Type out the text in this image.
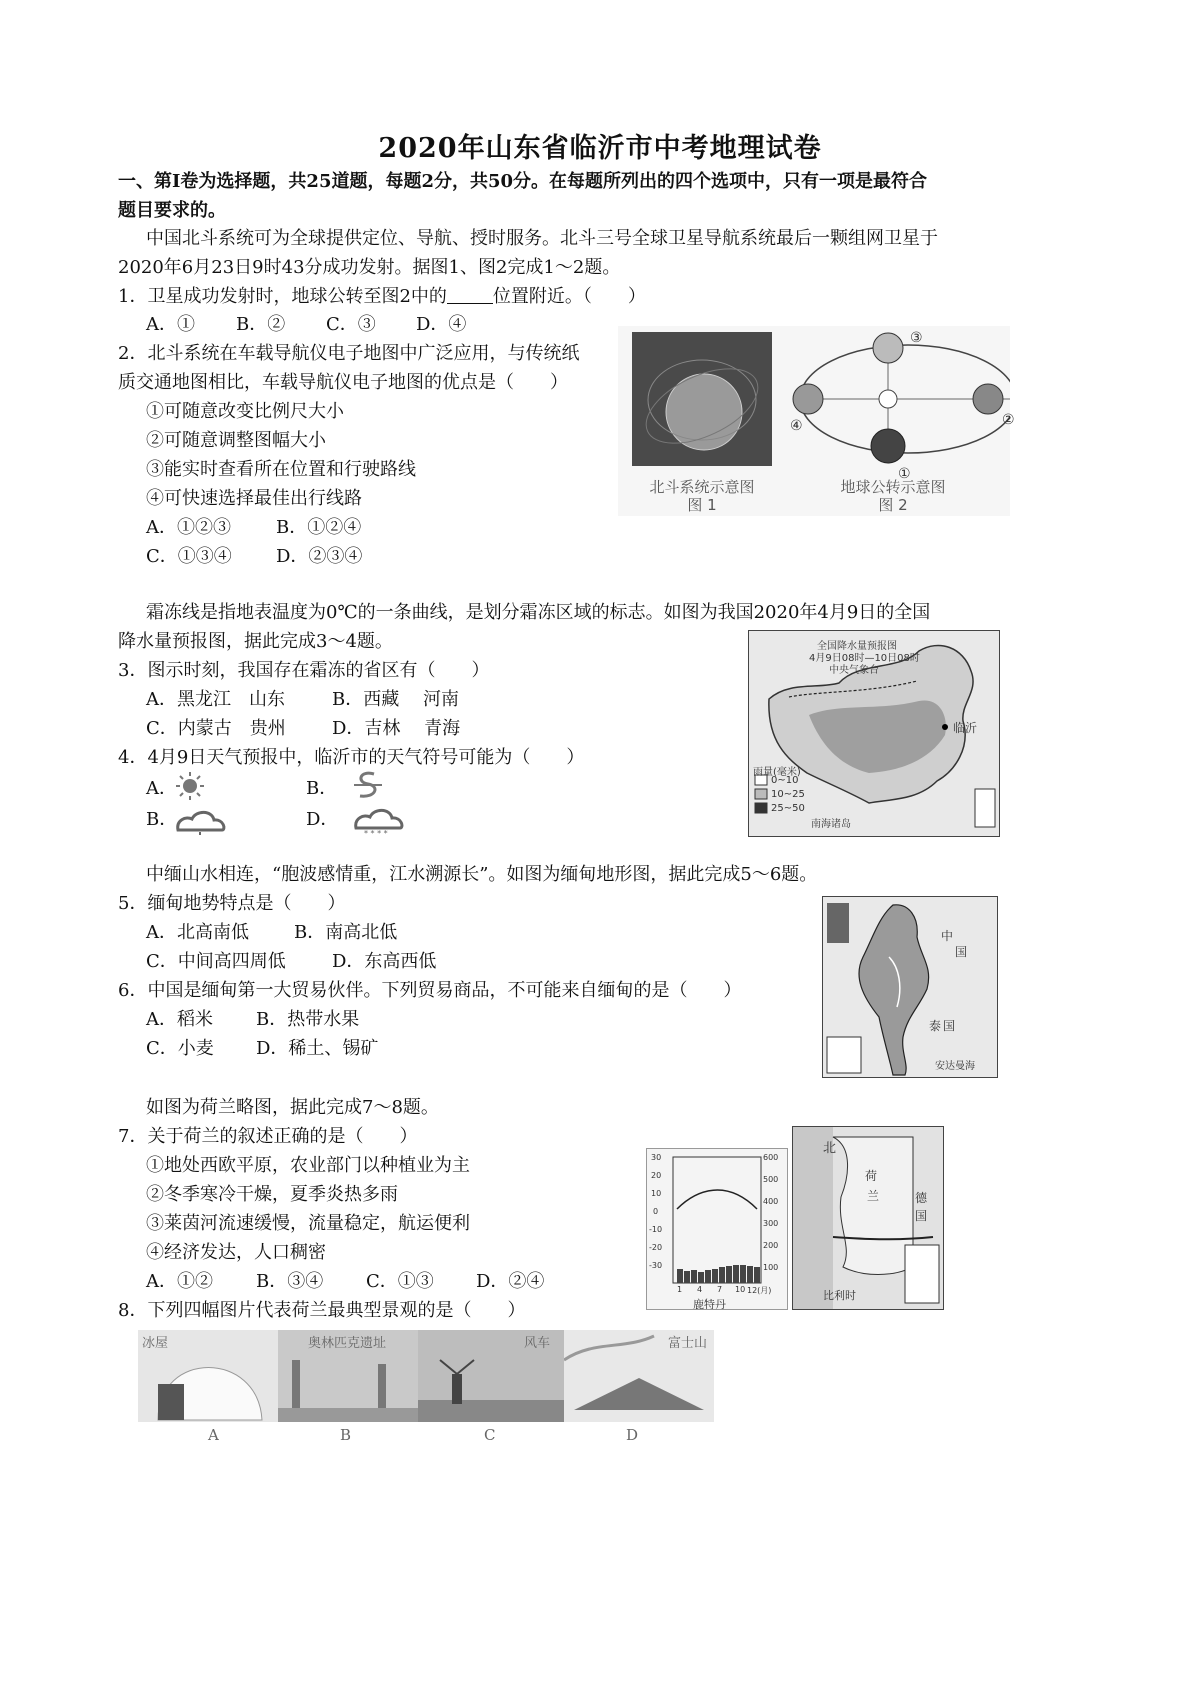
2020年山东省临沂市中考地理试卷
一、第Ⅰ卷为选择题，共25道题，每题2分，共50分。在每题所列出的四个选项中，只有一项是最符合
题目要求的。
中国北斗系统可为全球提供定位、导航、授时服务。北斗三号全球卫星导航系统最后一颗组网卫星于
2020年6月23日9时43分成功发射。据图1、图2完成1～2题。
1．卫星成功发射时，地球公转至图2中的	位置附近。（　　）
A．① B．② C．③ D．④
2．北斗系统在车载导航仪电子地图中广泛应用，与传统纸
质交通地图相比，车载导航仪电子地图的优点是（　　）
①可随意改变比例尺大小
②可随意调整图幅大小
③能实时查看所在位置和行驶路线
④可快速选择最佳出行线路
A．①②③	B．①②④
C．①③④ D．②③④
③
②
④
①
北斗系统示意图
图 1
地球公转示意图
图 2
霜冻线是指地表温度为0℃的一条曲线，是划分霜冻区域的标志。如图为我国2020年4月9日的全国
降水量预报图，据此完成3～4题。
3．图示时刻，我国存在霜冻的省区有（　　）
A．黑龙江　山东	B．西藏　 河南
C．内蒙古　贵州	D．吉林　 青海
4．4月9日天气预报中，临沂市的天气符号可能为（　　）
A．	B．
B．	D．
* * * *
全国降水量预报图
4月9日08时—10日08时
中央气象台
临沂
雨量(毫米)
0~10
10~25
25~50
南海诸岛
中缅山水相连，“胞波感情重，江水溯源长”。如图为缅甸地形图，据此完成5～6题。
5．缅甸地势特点是（　　）
A．北高南低	B．南高北低
C．中间高四周低	D．东高西低
6．中国是缅甸第一大贸易伙伴。下列贸易商品，不可能来自缅甸的是（　　）
A．稻米 B．热带水果
C．小麦 D．稀土、锡矿
中
国
泰 国
安达曼海
如图为荷兰略图，据此完成7～8题。
7．关于荷兰的叙述正确的是（　　）
①地处西欧平原，农业部门以种植业为主
②冬季寒冷干燥，夏季炎热多雨
③莱茵河流速缓慢，流量稳定，航运便利
④经济发达，人口稠密
A．①② B．③④ C．①③ D．②④
30
20
10
0
-10
-20
-30
600
500
400
300
200
100
1 4 7 10 12(月)
鹿特丹
北
荷
兰	德
国
比利时
8．下列四幅图片代表荷兰最典型景观的是（　　）
冰屋	奥林匹克遗址	风车	富士山
A	B	C	D
